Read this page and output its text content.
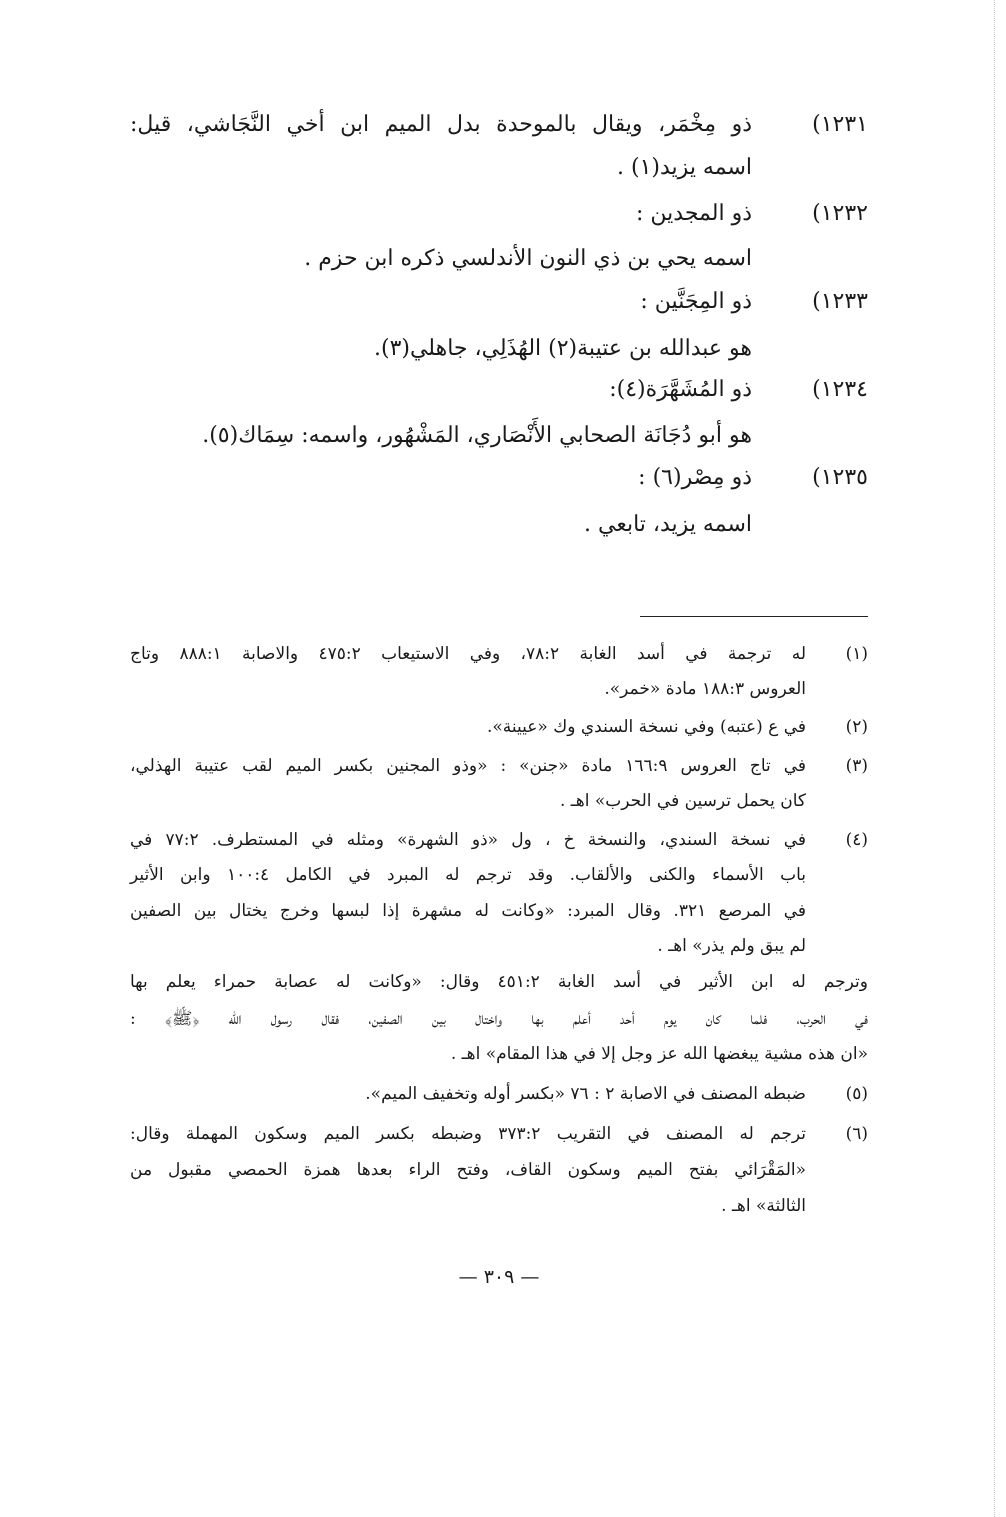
١٢٣١)
ذو مِخْمَر، ويقال بالموحدة بدل الميم ابن أخي النَّجَاشي، قيل:
اسمه يزيد(١) .
١٢٣٢)
ذو المجدين :
اسمه يحي بن ذي النون الأندلسي ذكره ابن حزم .
١٢٣٣)
ذو المِجَنَّين :
هو عبدالله بن عتيبة(٢) الهُذَلِي، جاهلي(٣).
١٢٣٤)
ذو المُشَهَّرَة(٤):
هو أبو دُجَانَة الصحابي الأَنْصَاري، المَشْهُور، واسمه: سِمَاك(٥).
١٢٣٥)
ذو مِصْر(٦) :
اسمه يزيد، تابعي .
(١)
له ترجمة في أسد الغابة ٧٨:٢، وفي الاستيعاب ٤٧٥:٢ والاصابة ٨٨٨:١ وتاج
العروس ١٨٨:٣ مادة «خمر».
(٢)
في ع (عتبه) وفي نسخة السندي وك «عيينة».
(٣)
في تاج العروس ١٦٦:٩ مادة «جنن» : «وذو المجنين بكسر الميم لقب عتيبة الهذلي،
كان يحمل ترسين في الحرب» اهـ .
(٤)
في نسخة السندي، والنسخة خ ، ول «ذو الشهرة» ومثله في المستطرف. ٧٧:٢ في
باب الأسماء والكنى والألقاب. وقد ترجم له المبرد في الكامل ١٠٠:٤ وابن الأثير
في المرصع ٣٢١. وقال المبرد: «وكانت له مشهرة إذا لبسها وخرج يختال بين الصفين
لم يبق ولم يذر» اهـ .
وترجم له ابن الأثير في أسد الغابة ٤٥١:٢ وقال: «وكانت له عصابة حمراء يعلم بها
في الحرب، فلما كان يوم أحد أعلم بها واختال بين الصفين، فقال رسول الله ﴿ﷺ﴾ :
«ان هذه مشية يبغضها الله عز وجل إلا في هذا المقام» اهـ .
(٥)
ضبطه المصنف في الاصابة ٢ : ٧٦ «بكسر أوله وتخفيف الميم».
(٦)
ترجم له المصنف في التقريب ٣٧٣:٢ وضبطه بكسر الميم وسكون المهملة وقال:
«المَقْرَائي بفتح الميم وسكون القاف، وفتح الراء بعدها همزة الحمصي مقبول من
الثالثة» اهـ .
— ٣٠٩ —
